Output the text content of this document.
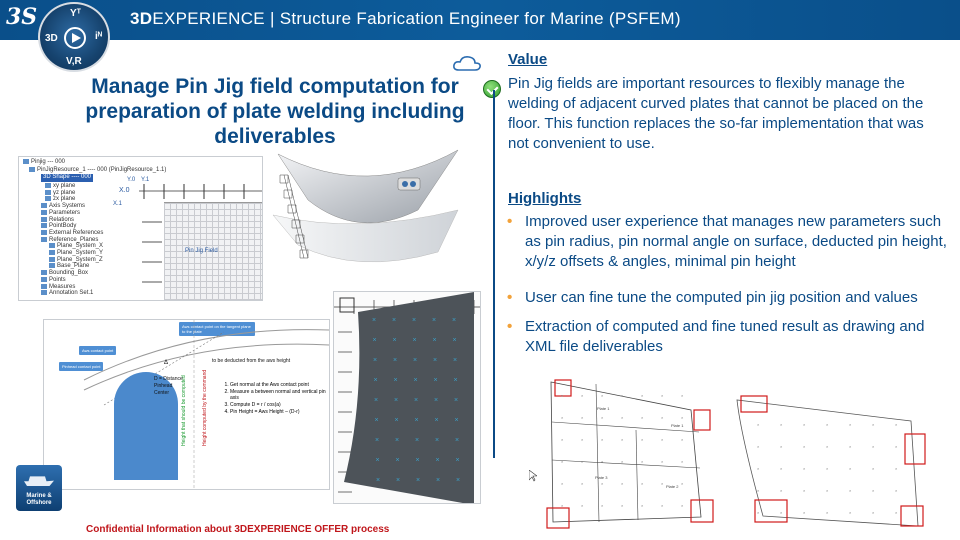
3S	3DEXPERIENCE | Structure Fabrication Engineer for Marine (PSFEM)
Yᵀ
3D	iᴺ
V,R
Manage Pin Jig field computation for preparation of plate welding including deliverables
Pinjig --- 000
PinJigResource_1 ---- 000 (PinJigResource_1.1)
xy plane
yz plane
zx plane
Axis Systems
Parameters
Relations
PointBody
External References
Reference_Planes
Plane_System_X
Plane_System_Y
Plane_System_Z
Base_Plane
Bounding_Box
Points
Measures
Annotation Set.1
3D Shape ---- 000
X.0
Y.0 Y.1
X.1
Pin Jig Field
Aws contact point
Pinhead contact point
Aws contact point on the tangent plane to the plate
Δ
D = Distance
Pinhead
Center
to be deducted from the aws height
Height that should be computed	Height computed by the command
1.	Get normal at the Aws contact point
2. Measure a between normal and vertical pin axis
3. Compute D = r / cos(a)
4. Pin Height = Aws Height – (D-r)
× × × × ×
× × × × ×
× × × × ×
× × × × ×
× × × × ×
× × × × ×
× × × × ×
× × × × ×
× × × × ×
Value
Pin Jig fields are important resources to flexibly manage the welding of adjacent curved plates that cannot be placed on the floor. This function replaces the so-far implementation that was not convenient to use.
Highlights
• Improved user experience that manages new parameters such as pin radius, pin normal angle on surface, deducted pin height, x/y/z offsets & angles, minimal pin height
• User can fine tune the computed pin jig position and values
• Extraction of computed and fine tuned result as drawing and XML file deliverables
×	×	×	×	×	×	×
×	×	×	×	×	×	×
×	×	×	×	×	×	×
×	×	×	×	×	×	×
×	×	×	×	×	×	×
×	×	×	×	×	×	×
Plate 1
Plate 3
Plate 1
Plate 2
×	×	×	×	×	×	×
×	×	×	×	×	×	×
×	×	×	×	×	×	×
×	×	×	×	×	×	×
×	×	×	×	×	×	×
Marine &
Offshore
Confidential Information about 3DEXPERIENCE OFFER process
